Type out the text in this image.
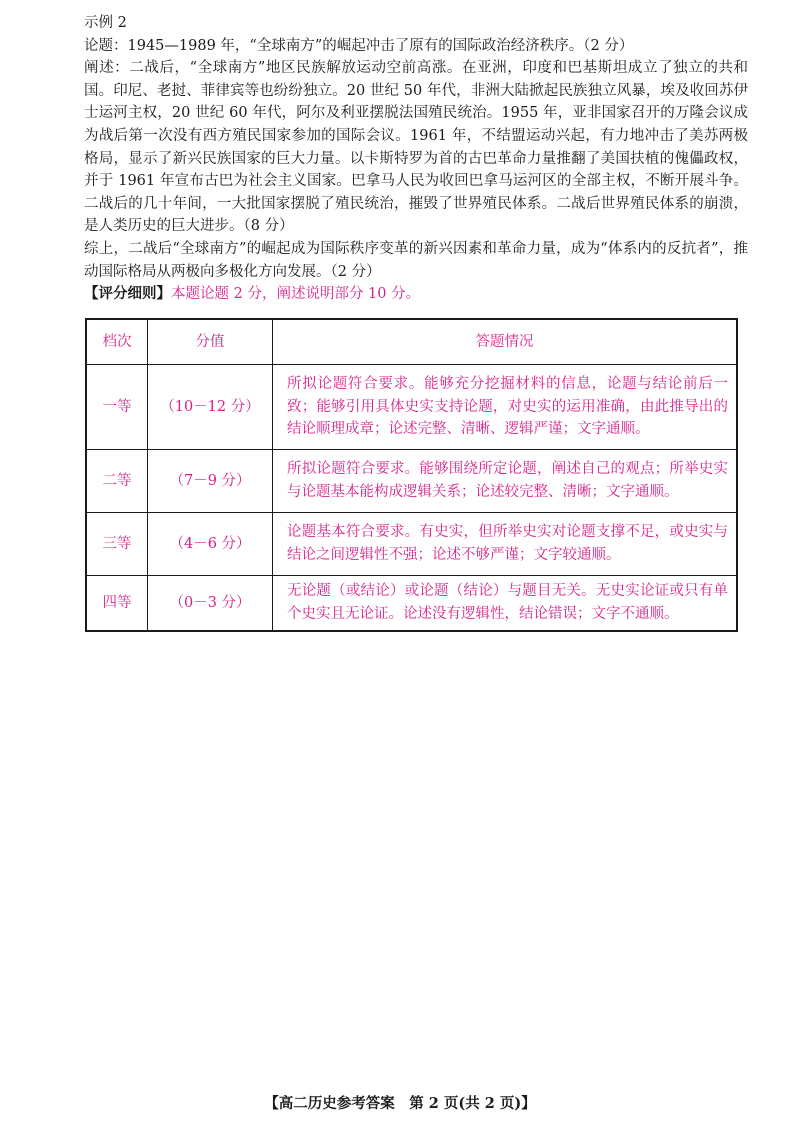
示例 2

论题：1945—1989 年，“全球南方”的崛起冲击了原有的国际政治经济秩序。（2 分）

阐述：二战后，“全球南方”地区民族解放运动空前高涨。在亚洲，印度和巴基斯坦成立了独立的共和国。印尼、老挝、菲律宾等也纷纷独立。20 世纪 50 年代，非洲大陆掀起民族独立风暴，埃及收回苏伊士运河主权，20 世纪 60 年代，阿尔及利亚摆脱法国殖民统治。1955 年，亚非国家召开的万隆会议成为战后第一次没有西方殖民国家参加的国际会议。1961 年，不结盟运动兴起，有力地冲击了美苏两极格局，显示了新兴民族国家的巨大力量。以卡斯特罗为首的古巴革命力量推翻了美国扶植的傀儡政权，并于 1961 年宣布古巴为社会主义国家。巴拿马人民为收回巴拿马运河区的全部主权，不断开展斗争。二战后的几十年间，一大批国家摆脱了殖民统治，摧毁了世界殖民体系。二战后世界殖民体系的崩溃，是人类历史的巨大进步。（8 分）

综上，二战后“全球南方”的崛起成为国际秩序变革的新兴因素和革命力量，成为“体系内的反抗者”，推动国际格局从两极向多极化方向发展。（2 分）

【评分细则】本题论题 2 分，阐述说明部分 10 分。

档次	分值	答题情况
一等	（10－12 分）	所拟论题符合要求。能够充分挖掘材料的信息，论题与结论前后一致；能够引用具体史实支持论题，对史实的运用准确，由此推导出的结论顺理成章；论述完整、清晰、逻辑严谨；文字通顺。
二等	（7－9 分）	所拟论题符合要求。能够围绕所定论题，阐述自己的观点；所举史实与论题基本能构成逻辑关系；论述较完整、清晰；文字通顺。
三等	（4－6 分）	论题基本符合要求。有史实，但所举史实对论题支撑不足，或史实与结论之间逻辑性不强；论述不够严谨；文字较通顺。
四等	（0－3 分）	无论题（或结论）或论题（结论）与题目无关。无史实论证或只有单个史实且无论证。论述没有逻辑性，结论错误；文字不通顺。
【高二历史参考答案　第 2 页(共 2 页)】
